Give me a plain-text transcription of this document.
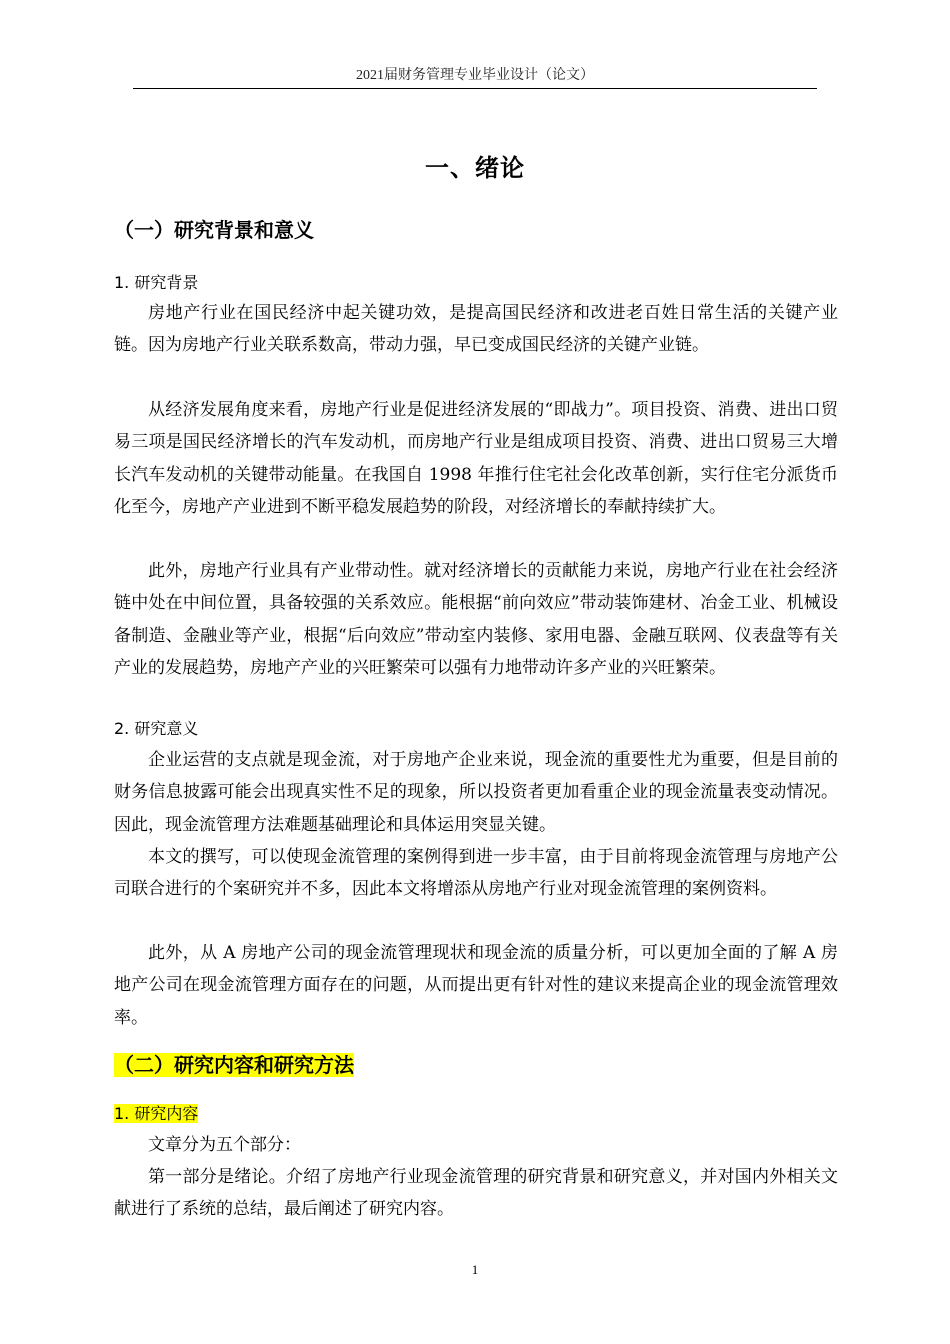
2021届财务管理专业毕业设计（论文）
一、绪论
（一）研究背景和意义
1. 研究背景

房地产行业在国民经济中起关键功效，是提高国民经济和改进老百姓日常生活的关键产业链。因为房地产行业关联系数高，带动力强，早已变成国民经济的关键产业链。

从经济发展角度来看，房地产行业是促进经济发展的“即战力”。项目投资、消费、进出口贸易三项是国民经济增长的汽车发动机，而房地产行业是组成项目投资、消费、进出口贸易三大增长汽车发动机的关键带动能量。在我国自 1998 年推行住宅社会化改革创新，实行住宅分派货币化至今，房地产产业进到不断平稳发展趋势的阶段，对经济增长的奉献持续扩大。

此外，房地产行业具有产业带动性。就对经济增长的贡献能力来说，房地产行业在社会经济链中处在中间位置，具备较强的关系效应。能根据“前向效应”带动装饰建材、冶金工业、机械设备制造、金融业等产业，根据“后向效应”带动室内装修、家用电器、金融互联网、仪表盘等有关产业的发展趋势，房地产产业的兴旺繁荣可以强有力地带动许多产业的兴旺繁荣。

2. 研究意义

企业运营的支点就是现金流，对于房地产企业来说，现金流的重要性尤为重要，但是目前的财务信息披露可能会出现真实性不足的现象，所以投资者更加看重企业的现金流量表变动情况。因此，现金流管理方法难题基础理论和具体运用突显关键。

本文的撰写，可以使现金流管理的案例得到进一步丰富，由于目前将现金流管理与房地产公司联合进行的个案研究并不多，因此本文将增添从房地产行业对现金流管理的案例资料。

此外，从 A 房地产公司的现金流管理现状和现金流的质量分析，可以更加全面的了解 A 房地产公司在现金流管理方面存在的问题，从而提出更有针对性的建议来提高企业的现金流管理效率。

（二）研究内容和研究方法
1. 研究内容

文章分为五个部分：

第一部分是绪论。介绍了房地产行业现金流管理的研究背景和研究意义，并对国内外相关文献进行了系统的总结，最后阐述了研究内容。

1
